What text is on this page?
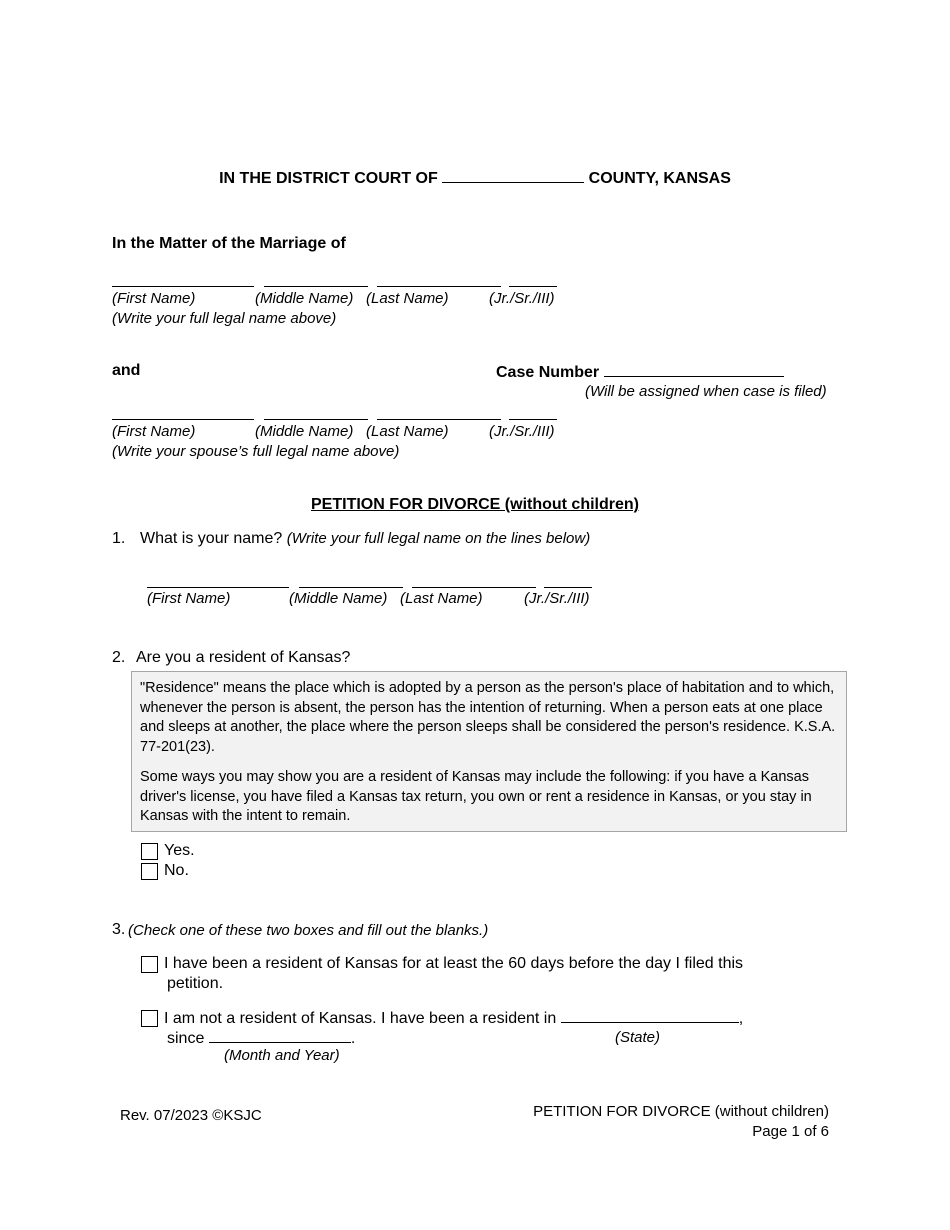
IN THE DISTRICT COURT OF	COUNTY, KANSAS
In the Matter of the Marriage of

(First Name)	(Middle Name) (Last Name)	(Jr./Sr./III)
(Write your full legal name above)
and	Case Number
(Will be assigned when case is filed)

(First Name)	(Middle Name) (Last Name)	(Jr./Sr./III)
(Write your spouse’s full legal name above)
PETITION FOR DIVORCE (without children)
1. What is your name? (Write your full legal name on the lines below)

(First Name)	(Middle Name) (Last Name)	(Jr./Sr./III)
2. Are you a resident of Kansas?

"Residence" means the place which is adopted by a person as the person's place of habitation and to which, whenever the person is absent, the person has the intention of returning. When a person eats at one place and sleeps at another, the place where the person sleeps shall be considered the person's residence. K.S.A. 77-201(23).

Some ways you may show you are a resident of Kansas may include the following: if you have a Kansas driver's license, you have filed a Kansas tax return, you own or rent a residence in Kansas, or you stay in Kansas with the intent to remain.

Yes.
No.
3. (Check one of these two boxes and fill out the blanks.)
I have been a resident of Kansas for at least the 60 days before the day I filed this
petition.
I am not a resident of Kansas. I have been a resident in	,
since	.	(State)
(Month and Year)
Rev. 07/2023 ©KSJC	PETITION FOR DIVORCE (without children)
Page 1 of 6
